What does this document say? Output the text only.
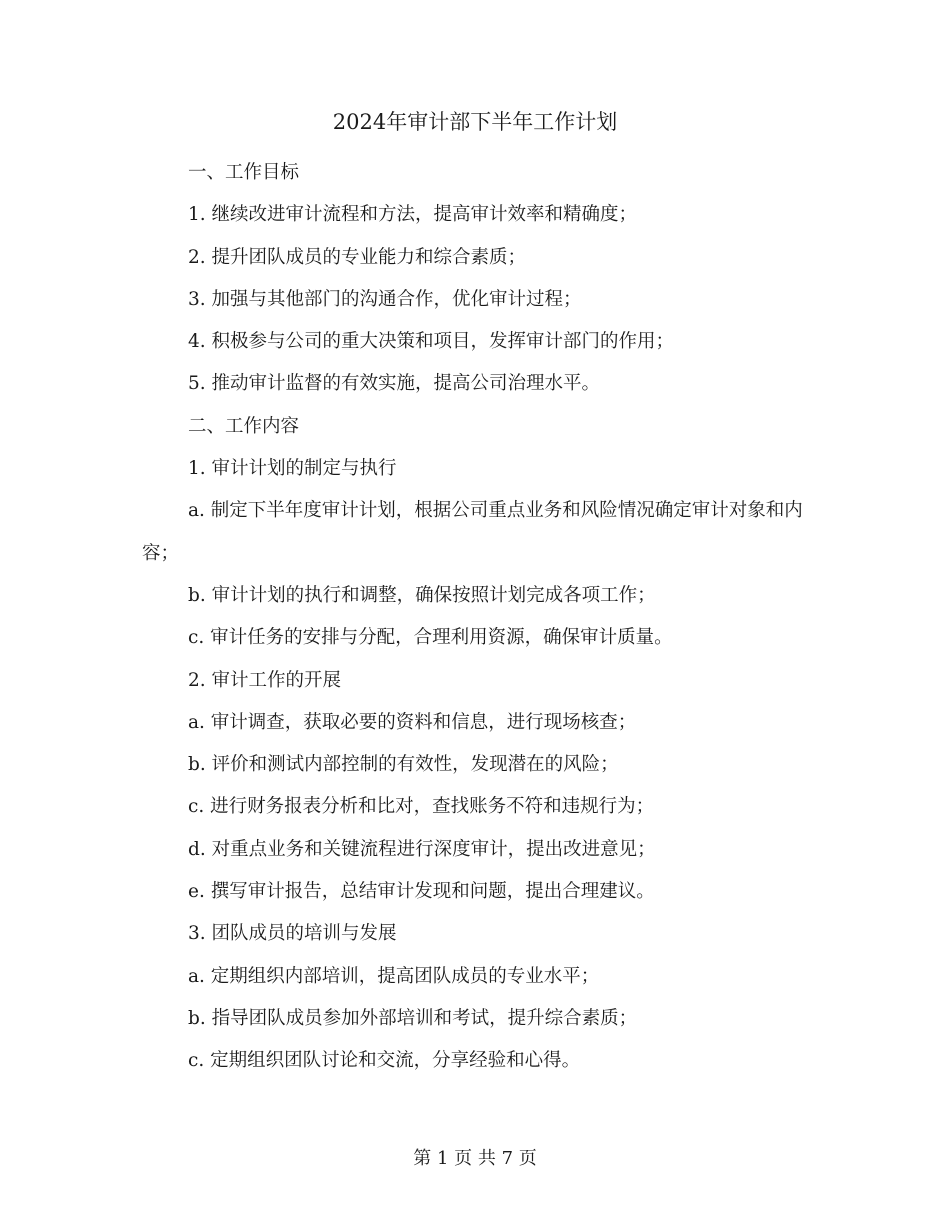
2024年审计部下半年工作计划

一、工作目标

1. 继续改进审计流程和方法，提高审计效率和精确度；

2. 提升团队成员的专业能力和综合素质；

3. 加强与其他部门的沟通合作，优化审计过程；

4. 积极参与公司的重大决策和项目，发挥审计部门的作用；

5. 推动审计监督的有效实施，提高公司治理水平。

二、工作内容

1. 审计计划的制定与执行

a. 制定下半年度审计计划，根据公司重点业务和风险情况确定审计对象和内容；

b. 审计计划的执行和调整，确保按照计划完成各项工作；

c. 审计任务的安排与分配，合理利用资源，确保审计质量。

2. 审计工作的开展

a. 审计调查，获取必要的资料和信息，进行现场核查；

b. 评价和测试内部控制的有效性，发现潜在的风险；

c. 进行财务报表分析和比对，查找账务不符和违规行为；

d. 对重点业务和关键流程进行深度审计，提出改进意见；

e. 撰写审计报告，总结审计发现和问题，提出合理建议。

3. 团队成员的培训与发展

a. 定期组织内部培训，提高团队成员的专业水平；

b. 指导团队成员参加外部培训和考试，提升综合素质；

c. 定期组织团队讨论和交流，分享经验和心得。

第 1 页 共 7 页
